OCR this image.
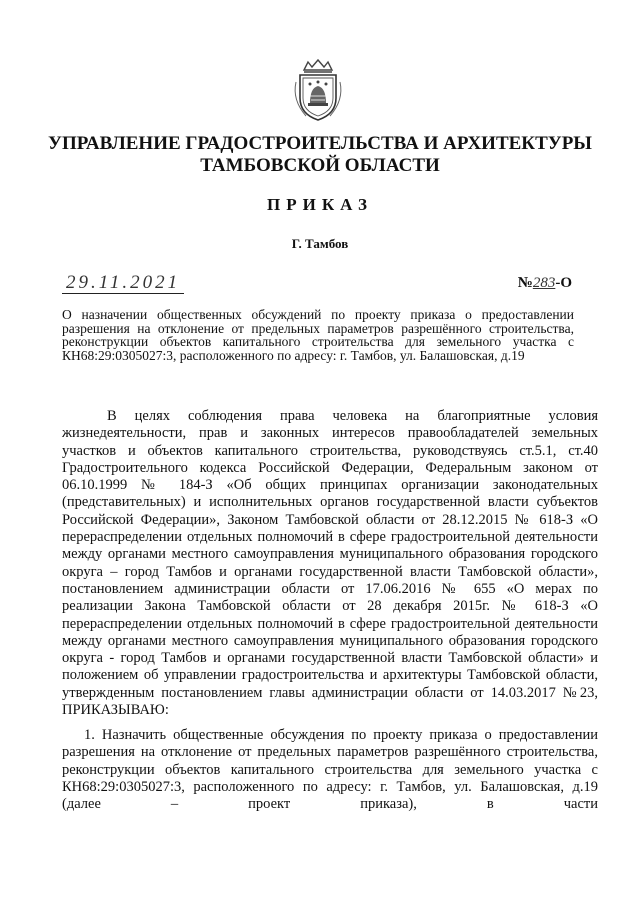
УПРАВЛЕНИЕ ГРАДОСТРОИТЕЛЬСТВА И АРХИТЕКТУРЫ
ТАМБОВСКОЙ ОБЛАСТИ
ПРИКАЗ
Г. Тамбов
29.11.2021	№283-О
О назначении общественных обсуждений по проекту приказа о предоставлении разрешения на отклонение от предельных параметров разрешённого строительства, реконструкции объектов капитального строительства для земельного участка с КН68:29:0305027:3, расположенного по адресу: г. Тамбов, ул. Балашовская, д.19
В целях соблюдения права человека на благоприятные условия жизнедеятельности, прав и законных интересов правообладателей земельных участков и объектов капитального строительства, руководствуясь ст.5.1, ст.40 Градостроительного кодекса Российской Федерации, Федеральным законом от 06.10.1999 № 184-З «Об общих принципах организации законодательных (представительных) и исполнительных органов государственной власти субъектов Российской Федерации», Законом Тамбовской области от 28.12.2015 № 618-З «О перераспределении отдельных полномочий в сфере градостроительной деятельности между органами местного самоуправления муниципального образования городского округа – город Тамбов и органами государственной власти Тамбовской области», постановлением администрации области от 17.06.2016 № 655 «О мерах по реализации Закона Тамбовской области от 28 декабря 2015г. № 618-З «О перераспределении отдельных полномочий в сфере градостроительной деятельности между органами местного самоуправления муниципального образования городского округа - город Тамбов и органами государственной власти Тамбовской области» и положением об управлении градостроительства и архитектуры Тамбовской области, утвержденным постановлением главы администрации области от 14.03.2017 №23, ПРИКАЗЫВАЮ:
1. Назначить общественные обсуждения по проекту приказа о предоставлении разрешения на отклонение от предельных параметров разрешённого строительства, реконструкции объектов капитального строительства для земельного участка с КН68:29:0305027:3, расположенного по адресу: г. Тамбов, ул. Балашовская, д.19 (далее – проект приказа), в части
